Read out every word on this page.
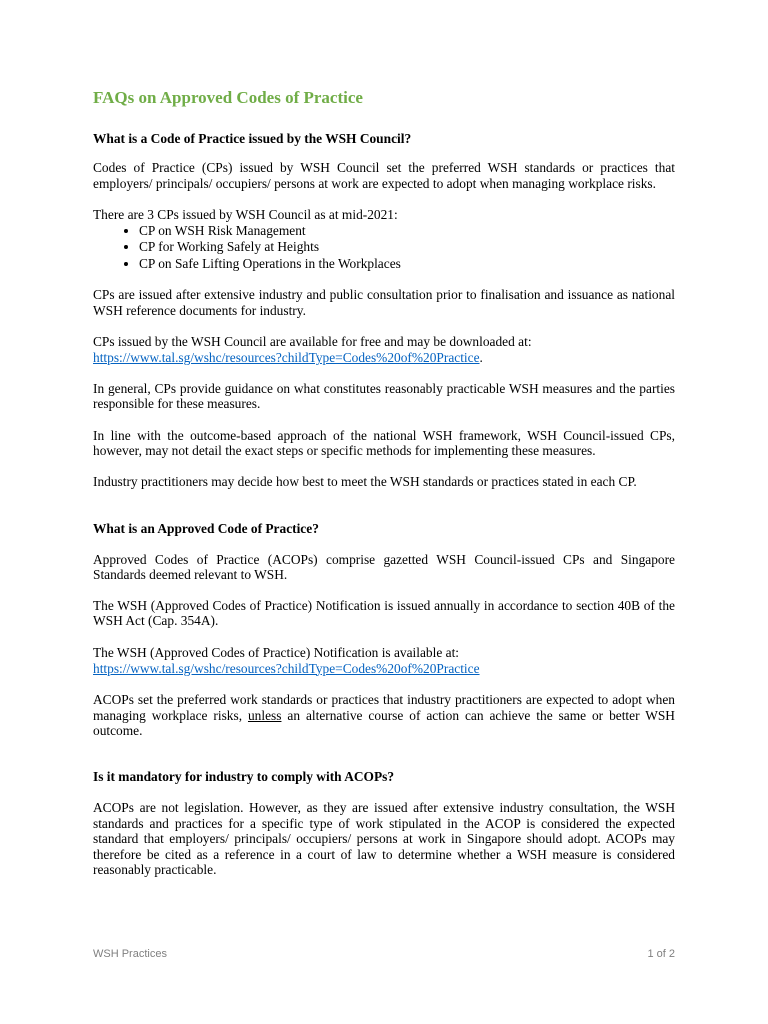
FAQs on Approved Codes of Practice
What is a Code of Practice issued by the WSH Council?

Codes of Practice (CPs) issued by WSH Council set the preferred WSH standards or practices that employers/ principals/ occupiers/ persons at work are expected to adopt when managing workplace risks.

There are 3 CPs issued by WSH Council as at mid-2021:

• CP on WSH Risk Management
• CP for Working Safely at Heights
• CP on Safe Lifting Operations in the Workplaces

CPs are issued after extensive industry and public consultation prior to finalisation and issuance as national WSH reference documents for industry.

CPs issued by the WSH Council are available for free and may be downloaded at:

https://www.tal.sg/wshc/resources?childType=Codes%20of%20Practice.

In general, CPs provide guidance on what constitutes reasonably practicable WSH measures and the parties responsible for these measures.

In line with the outcome-based approach of the national WSH framework, WSH Council-issued CPs, however, may not detail the exact steps or specific methods for implementing these measures.

Industry practitioners may decide how best to meet the WSH standards or practices stated in each CP.

What is an Approved Code of Practice?

Approved Codes of Practice (ACOPs) comprise gazetted WSH Council-issued CPs and Singapore Standards deemed relevant to WSH.

The WSH (Approved Codes of Practice) Notification is issued annually in accordance to section 40B of the WSH Act (Cap. 354A).

The WSH (Approved Codes of Practice) Notification is available at:

https://www.tal.sg/wshc/resources?childType=Codes%20of%20Practice

ACOPs set the preferred work standards or practices that industry practitioners are expected to adopt when managing workplace risks, unless an alternative course of action can achieve the same or better WSH outcome.

Is it mandatory for industry to comply with ACOPs?

ACOPs are not legislation. However, as they are issued after extensive industry consultation, the WSH standards and practices for a specific type of work stipulated in the ACOP is considered the expected standard that employers/ principals/ occupiers/ persons at work in Singapore should adopt. ACOPs may therefore be cited as a reference in a court of law to determine whether a WSH measure is considered reasonably practicable.

WSH Practices	1 of 2
